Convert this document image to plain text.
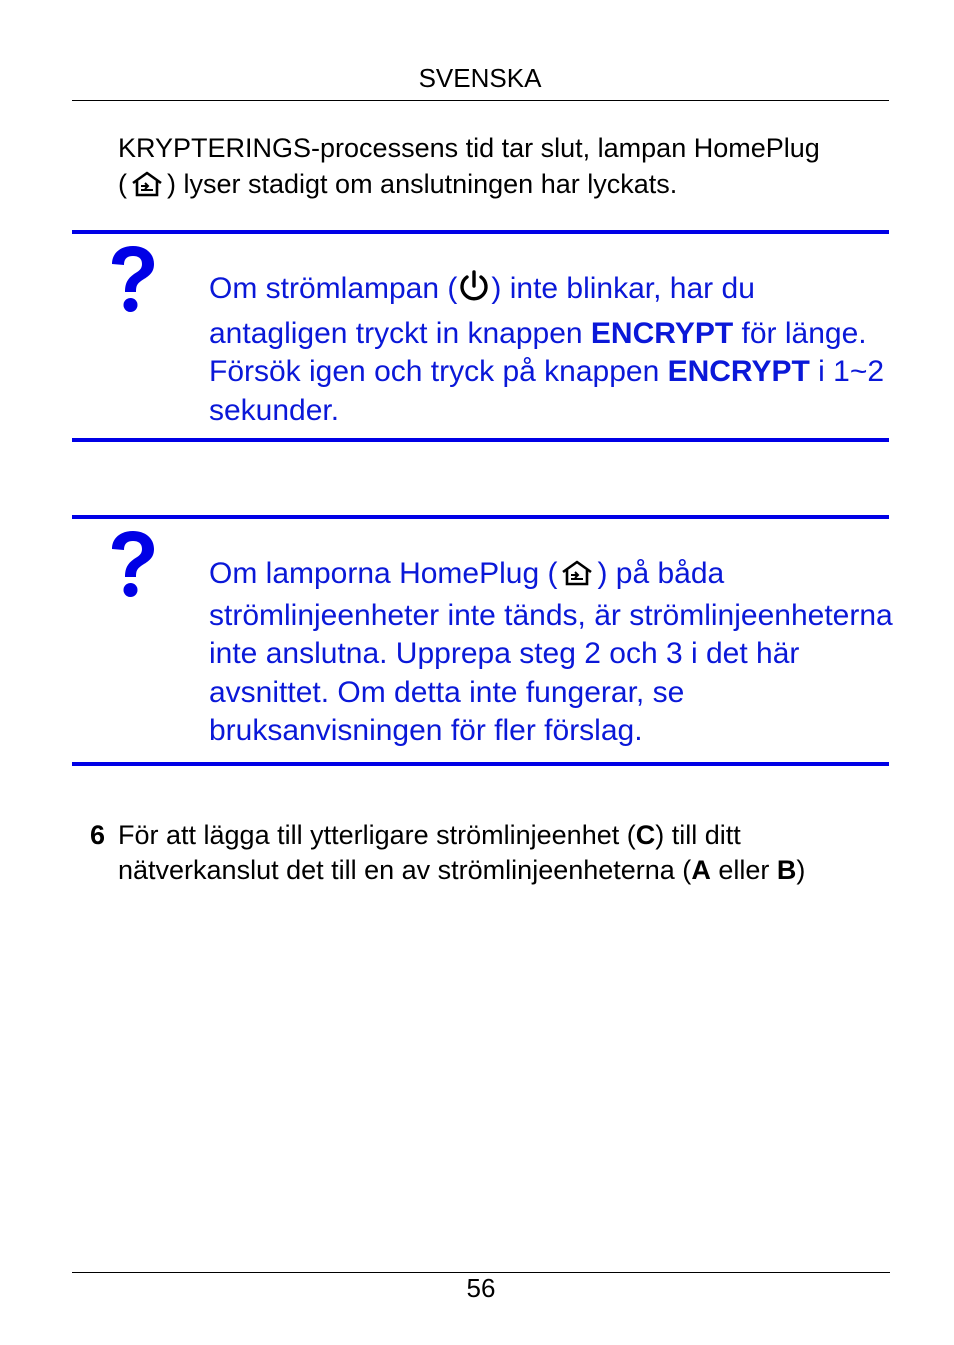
SVENSKA
KRYPTERINGS-processens tid tar slut, lampan HomePlug
( ) lyser stadigt om anslutningen har lyckats.
Om strömlampan ( ) inte blinkar, har du antagligen tryckt in knappen ENCRYPT för länge. Försök igen och tryck på knappen ENCRYPT i 1~2 sekunder.
Om lamporna HomePlug ( ) på båda strömlinjeenheter inte tänds, är strömlinjeenheterna inte anslutna. Upprepa steg 2 och 3 i det här avsnittet. Om detta inte fungerar, se bruksanvisningen för fler förslag.
6 För att lägga till ytterligare strömlinjeenhet (C) till ditt nätverkanslut det till en av strömlinjeenheterna (A eller B)
56
